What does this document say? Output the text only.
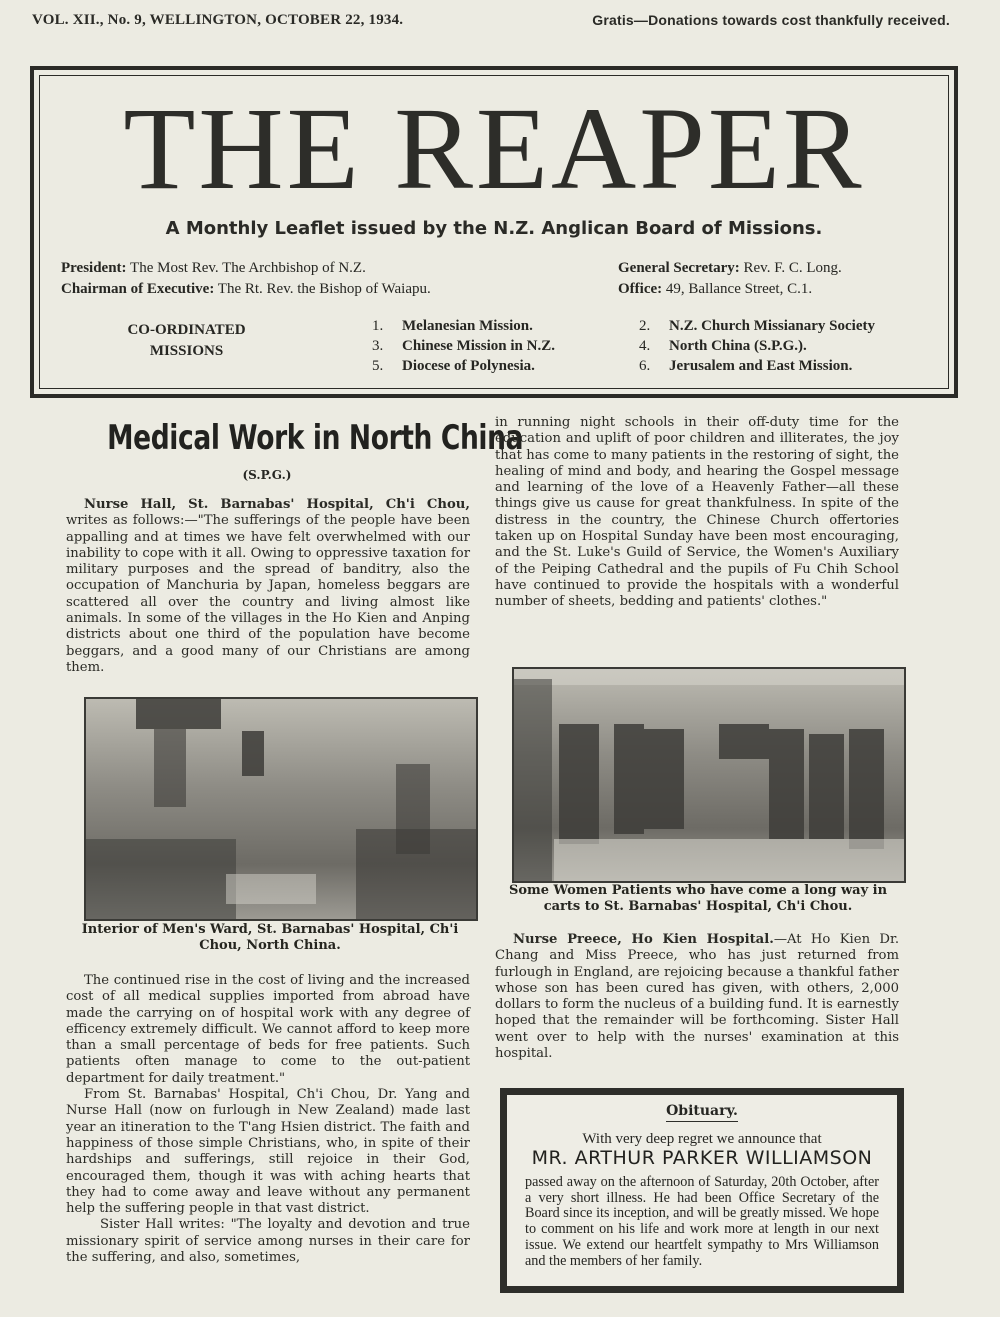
VOL. XII., No. 9, WELLINGTON, OCTOBER 22, 1934.	Gratis—Donations towards cost thankfully received.
THE REAPER
A Monthly Leaflet issued by the N.Z. Anglican Board of Missions.
President: The Most Rev. The Archbishop of N.Z.
Chairman of Executive: The Rt. Rev. the Bishop of Waiapu.
General Secretary: Rev. F. C. Long.
Office: 49, Ballance Street, C.1.
CO-ORDINATED
MISSIONS
1. Melanesian Mission.
3. Chinese Mission in N.Z.
5. Diocese of Polynesia.
2. N.Z. Church Missianary Society
4. North China (S.P.G.).
6. Jerusalem and East Mission.
Medical Work in North China
(S.P.G.)

Nurse Hall, St. Barnabas' Hospital, Ch'i Chou, writes as follows:—"The sufferings of the people have been appalling and at times we have felt overwhelmed with our inability to cope with it all. Owing to oppressive taxation for military purposes and the spread of banditry, also the occupation of Manchuria by Japan, homeless beggars are scattered all over the country and living almost like animals. In some of the villages in the Ho Kien and Anping districts about one third of the population have become beggars, and a good many of our Christians are among them.

Interior of Men's Ward, St. Barnabas' Hospital, Ch'i Chou, North China.

The continued rise in the cost of living and the increased cost of all medical supplies imported from abroad have made the carrying on of hospital work with any degree of efficency extremely difficult. We cannot afford to keep more than a small percentage of beds for free patients. Such patients often manage to come to the out-patient department for daily treatment."

From St. Barnabas' Hospital, Ch'i Chou, Dr. Yang and Nurse Hall (now on furlough in New Zealand) made last year an itineration to the T'ang Hsien district. The faith and happiness of those simple Christians, who, in spite of their hardships and sufferings, still rejoice in their God, encouraged them, though it was with aching hearts that they had to come away and leave without any permanent help the suffering people in that vast district.

Sister Hall writes: "The loyalty and devotion and true missionary spirit of service among nurses in their care for the suffering, and also, sometimes,

in running night schools in their off-duty time for the education and uplift of poor children and illiterates, the joy that has come to many patients in the restoring of sight, the healing of mind and body, and hearing the Gospel message and learning of the love of a Heavenly Father—all these things give us cause for great thankfulness. In spite of the distress in the country, the Chinese Church offertories taken up on Hospital Sunday have been most encouraging, and the St. Luke's Guild of Service, the Women's Auxiliary of the Peiping Cathedral and the pupils of Fu Chih School have continued to provide the hospitals with a wonderful number of sheets, bedding and patients' clothes."

Some Women Patients who have come a long way in carts to St. Barnabas' Hospital, Ch'i Chou.

Nurse Preece, Ho Kien Hospital.—At Ho Kien Dr. Chang and Miss Preece, who has just returned from furlough in England, are rejoicing because a thankful father whose son has been cured has given, with others, 2,000 dollars to form the nucleus of a building fund. It is earnestly hoped that the remainder will be forthcoming. Sister Hall went over to help with the nurses' examination at this hospital.

Obituary.
With very deep regret we announce that
MR. ARTHUR PARKER WILLIAMSON
passed away on the afternoon of Saturday, 20th October, after a very short illness. He had been Office Secretary of the Board since its inception, and will be greatly missed. We hope to comment on his life and work more at length in our next issue. We extend our heartfelt sympathy to Mrs Williamson and the members of her family.
